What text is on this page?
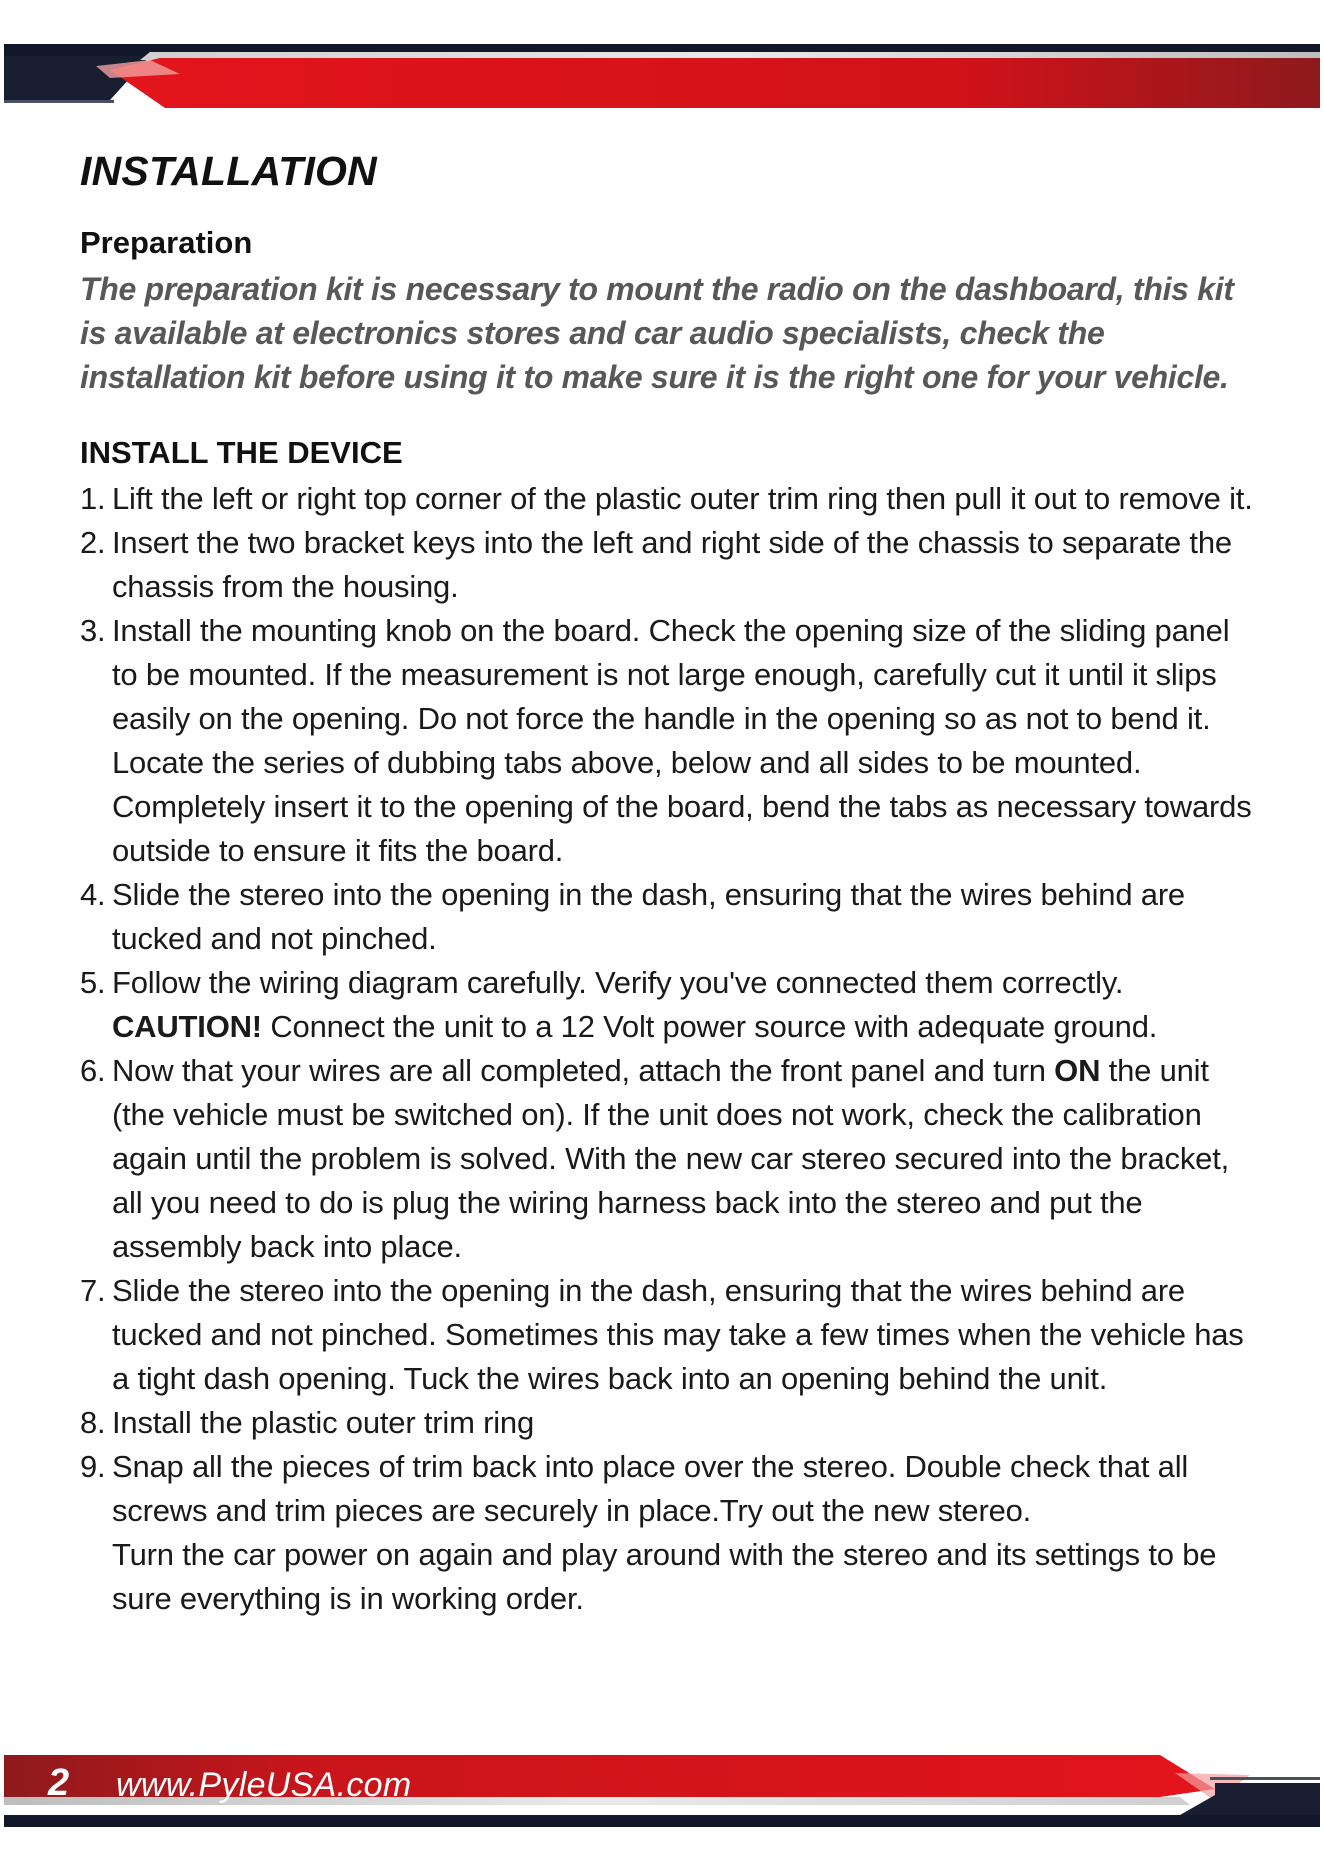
INSTALLATION
Preparation

The preparation kit is necessary to mount the radio on the dashboard, this kit is available at electronics stores and car audio specialists, check the installation kit before using it to make sure it is the right one for your vehicle.

INSTALL THE DEVICE
1. Lift the left or right top corner of the plastic outer trim ring then pull it out to remove it.
2. Insert the two bracket keys into the left and right side of the chassis to separate the chassis from the housing.
3. Install the mounting knob on the board. Check the opening size of the sliding panel to be mounted. If the measurement is not large enough, carefully cut it until it slips easily on the opening. Do not force the handle in the opening so as not to bend it. Locate the series of dubbing tabs above, below and all sides to be mounted. Completely insert it to the opening of the board, bend the tabs as necessary towards outside to ensure it fits the board.
4. Slide the stereo into the opening in the dash, ensuring that the wires behind are tucked and not pinched.
5. Follow the wiring diagram carefully. Verify you've connected them correctly. CAUTION! Connect the unit to a 12 Volt power source with adequate ground.
6. Now that your wires are all completed, attach the front panel and turn ON the unit (the vehicle must be switched on). If the unit does not work, check the calibration again until the problem is solved. With the new car stereo secured into the bracket, all you need to do is plug the wiring harness back into the stereo and put the assembly back into place.
7. Slide the stereo into the opening in the dash, ensuring that the wires behind are tucked and not pinched. Sometimes this may take a few times when the vehicle has a tight dash opening. Tuck the wires back into an opening behind the unit.
8. Install the plastic outer trim ring
9. Snap all the pieces of trim back into place over the stereo. Double check that all screws and trim pieces are securely in place.Try out the new stereo.
Turn the car power on again and play around with the stereo and its settings to be sure everything is in working order.
2 www.PyleUSA.com
